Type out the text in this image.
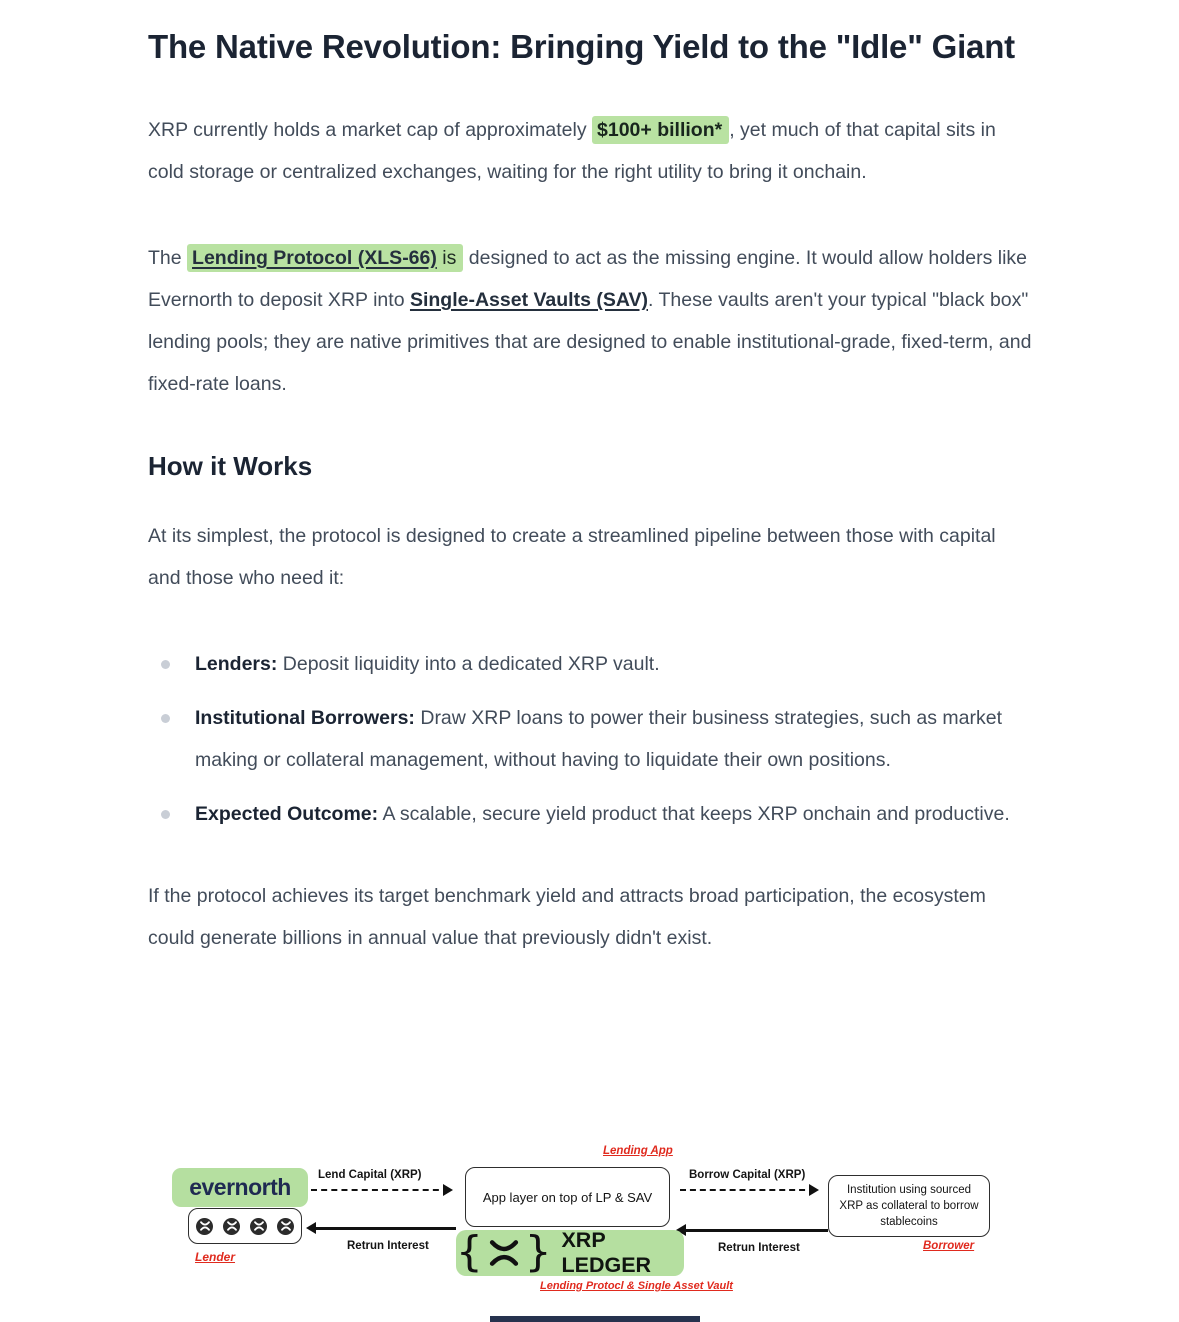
The Native Revolution: Bringing Yield to the "Idle" Giant

XRP currently holds a market cap of approximately $100+ billion* , yet much of that capital sits in cold storage or centralized exchanges, waiting for the right utility to bring it onchain.

The Lending Protocol (XLS-66) is designed to act as the missing engine. It would allow holders like Evernorth to deposit XRP into Single-Asset Vaults (SAV). These vaults aren't your typical "black box" lending pools; they are native primitives that are designed to enable institutional-grade, fixed-term, and fixed-rate loans.

How it Works

At its simplest, the protocol is designed to create a streamlined pipeline between those with capital and those who need it:

Lenders: Deposit liquidity into a dedicated XRP vault.
Institutional Borrowers: Draw XRP loans to power their business strategies, such as market making or collateral management, without having to liquidate their own positions.
Expected Outcome: A scalable, secure yield product that keeps XRP onchain and productive.

If the protocol achieves its target benchmark yield and attracts broad participation, the ecosystem could generate billions in annual value that previously didn't exist.

Lending App
evernorth Lend Capital (XRP)
App layer on top of LP & SAV
Borrow Capital (XRP)
Institution using sourced XRP as collateral to borrow stablecoins
Lender
Retrun Interest	Retrun Interest	Borrower
{ } XRP LEDGER
Lending Protocl & Single Asset Vault
